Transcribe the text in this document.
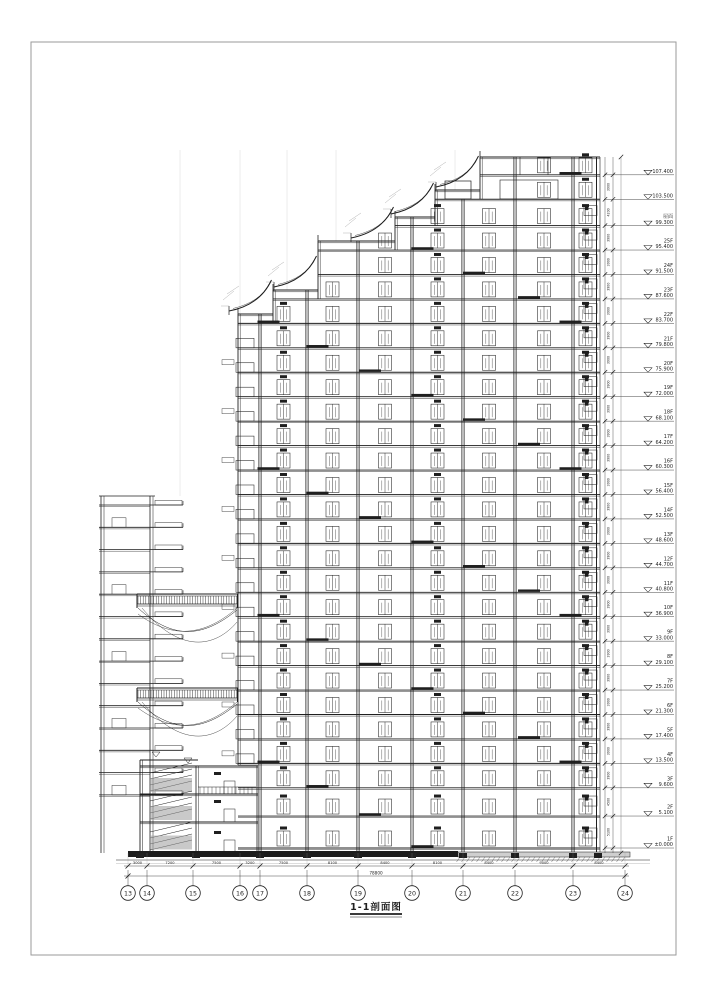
107.400
103.500
屋面
99.300
25F
95.400
24F
91.500
23F
87.600
22F
83.700
21F
79.800
20F
75.900
19F
72.000
18F
68.100
17F
64.200
16F
60.300
15F
56.400
14F
52.500
13F
48.600
12F
44.700
11F
40.800
10F
36.900
9F
33.000
8F
29.100
7F
25.200
6F
21.300
5F
17.400
4F
13.500
3F
9.600
2F
5.100
1F
±0.000
3900
4200
3900
3900
3900
3900
3900
3900
3900
3900
3900
3900
3900
3900
3900
3900
3900
3900
3900
3900
3900
3900
3900
3900
3900
4500
5100
13 14	15	16 17	18	19	20	21	22	23	24
3000	7200	7500	3200	7500	8100	8400	8100	8400	9000	8400
78800
1-1剖面图
